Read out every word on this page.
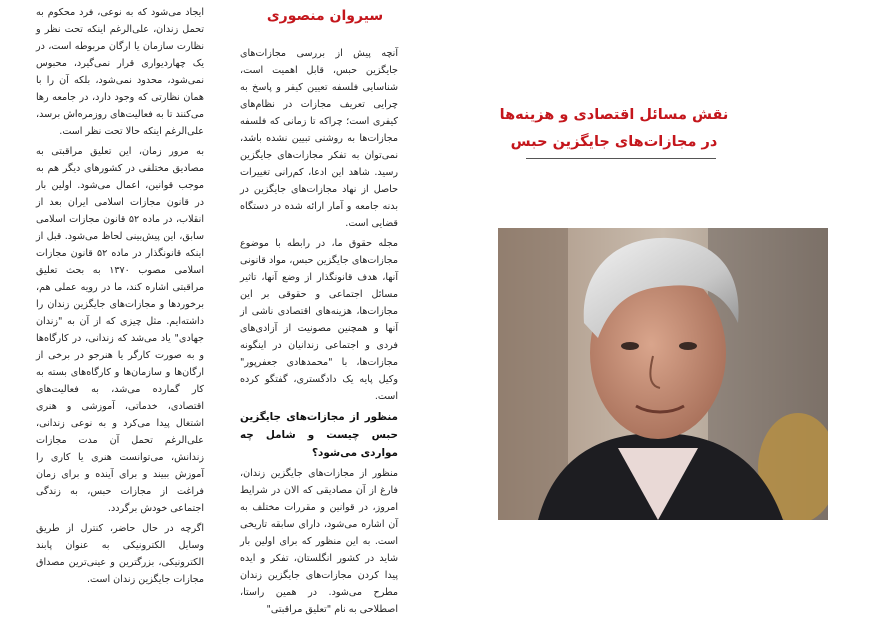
ایجاد می‌شود که به نوعی، فرد محکوم به تحمل زندان، علی‌الرغم اینکه تحت نظر و نظارت سازمان یا ارگان مربوطه است، در یک چهاردیواری قرار نمی‌گیرد، محبوس نمی‌شود، محدود نمی‌شود، بلکه آن را با همان نظارتی که وجود دارد، در جامعه رها می‌کنند تا به فعالیت‌های روزمره‌اش برسد، علی‌الرغم اینکه حالا تحت نظر است.

به مرور زمان، این تعلیق مراقبتی به مصادیق مختلفی در کشورهای دیگر هم به موجب قوانین، اعمال می‌شود. اولین بار در قانون مجازات اسلامی ایران بعد از انقلاب، در ماده ۵۲ قانون مجازات اسلامی سابق، این پیش‌بینی لحاظ می‌شود. قبل از اینکه قانونگذار در ماده ۵۲ قانون مجازات اسلامی مصوب ۱۳۷۰ به بحث تعلیق مراقبتی اشاره کند، ما در رویه عملی هم، برخوردها و مجازات‌های جایگزین زندان را داشته‌ایم. مثل چیزی که از آن به "زندان جهادی" یاد می‌شد که زندانی، در کارگاه‌ها و به صورت کارگر یا هنرجو در برخی از ارگان‌ها و سازمان‌ها و کارگاه‌های بسته به کار گمارده می‌شد، به فعالیت‌های اقتصادی، خدماتی، آموزشی و هنری اشتغال پیدا می‌کرد و به نوعی زندانی، علی‌الرغم تحمل آن مدت مجازات زندانش، می‌توانست هنری یا کاری را آموزش ببیند و برای آینده و برای زمان فراغت از مجازات حبس، به زندگی اجتماعی خودش برگردد.

اگرچه در حال حاضر، کنترل از طریق وسایل الکترونیکی به عنوان پابند الکترونیکی، بزرگترین و عینی‌ترین مصداق مجازات جایگزین زندان است.

سیروان منصوری

آنچه پیش از بررسی مجازات‌های جایگزین حبس، قابل اهمیت است، شناسایی فلسفه تعیین کیفر و پاسخ به چرایی تعریف مجازات در نظام‌های کیفری است؛ چراکه تا زمانی که فلسفه مجازات‌ها به روشنی تبیین نشده باشد، نمی‌توان به تفکر مجازات‌های جایگزین رسید. شاهد این ادعا، کم‌رانی تغییرات حاصل از نهاد مجازات‌های جایگزین در بدنه جامعه و آمار ارائه شده در دستگاه قضایی است.

مجله حقوق ما، در رابطه با موضوع مجازات‌های جایگزین حبس، مواد قانونی آنها، هدف قانونگذار از وضع آنها، تاثیر مسائل اجتماعی و حقوقی بر این مجازات‌ها، هزینه‌های اقتصادی ناشی از آنها و همچنین مصونیت از آزادی‌های فردی و اجتماعی زندانیان در اینگونه مجازات‌ها، با "محمدهادی جعفرپور" وکیل پایه یک دادگستری، گفتگو کرده است.

منظور از مجازات‌های جایگزین حبس چیست و شامل چه مواردی می‌شود؟

منظور از مجازات‌های جایگزین زندان، فارغ از آن مصادیقی که الان در شرایط امروز، در قوانین و مقررات مختلف به آن اشاره می‌شود، دارای سابقه تاریخی است. به این منظور که برای اولین بار شاید در کشور انگلستان، تفکر و ایده پیدا کردن مجازات‌های جایگزین زندان مطرح می‌شود. در همین راستا، اصطلاحی به نام "تعلیق مراقبتی"

نقش مسائل اقتصادی و هزینه‌ها در مجازات‌های جایگزین حبس
